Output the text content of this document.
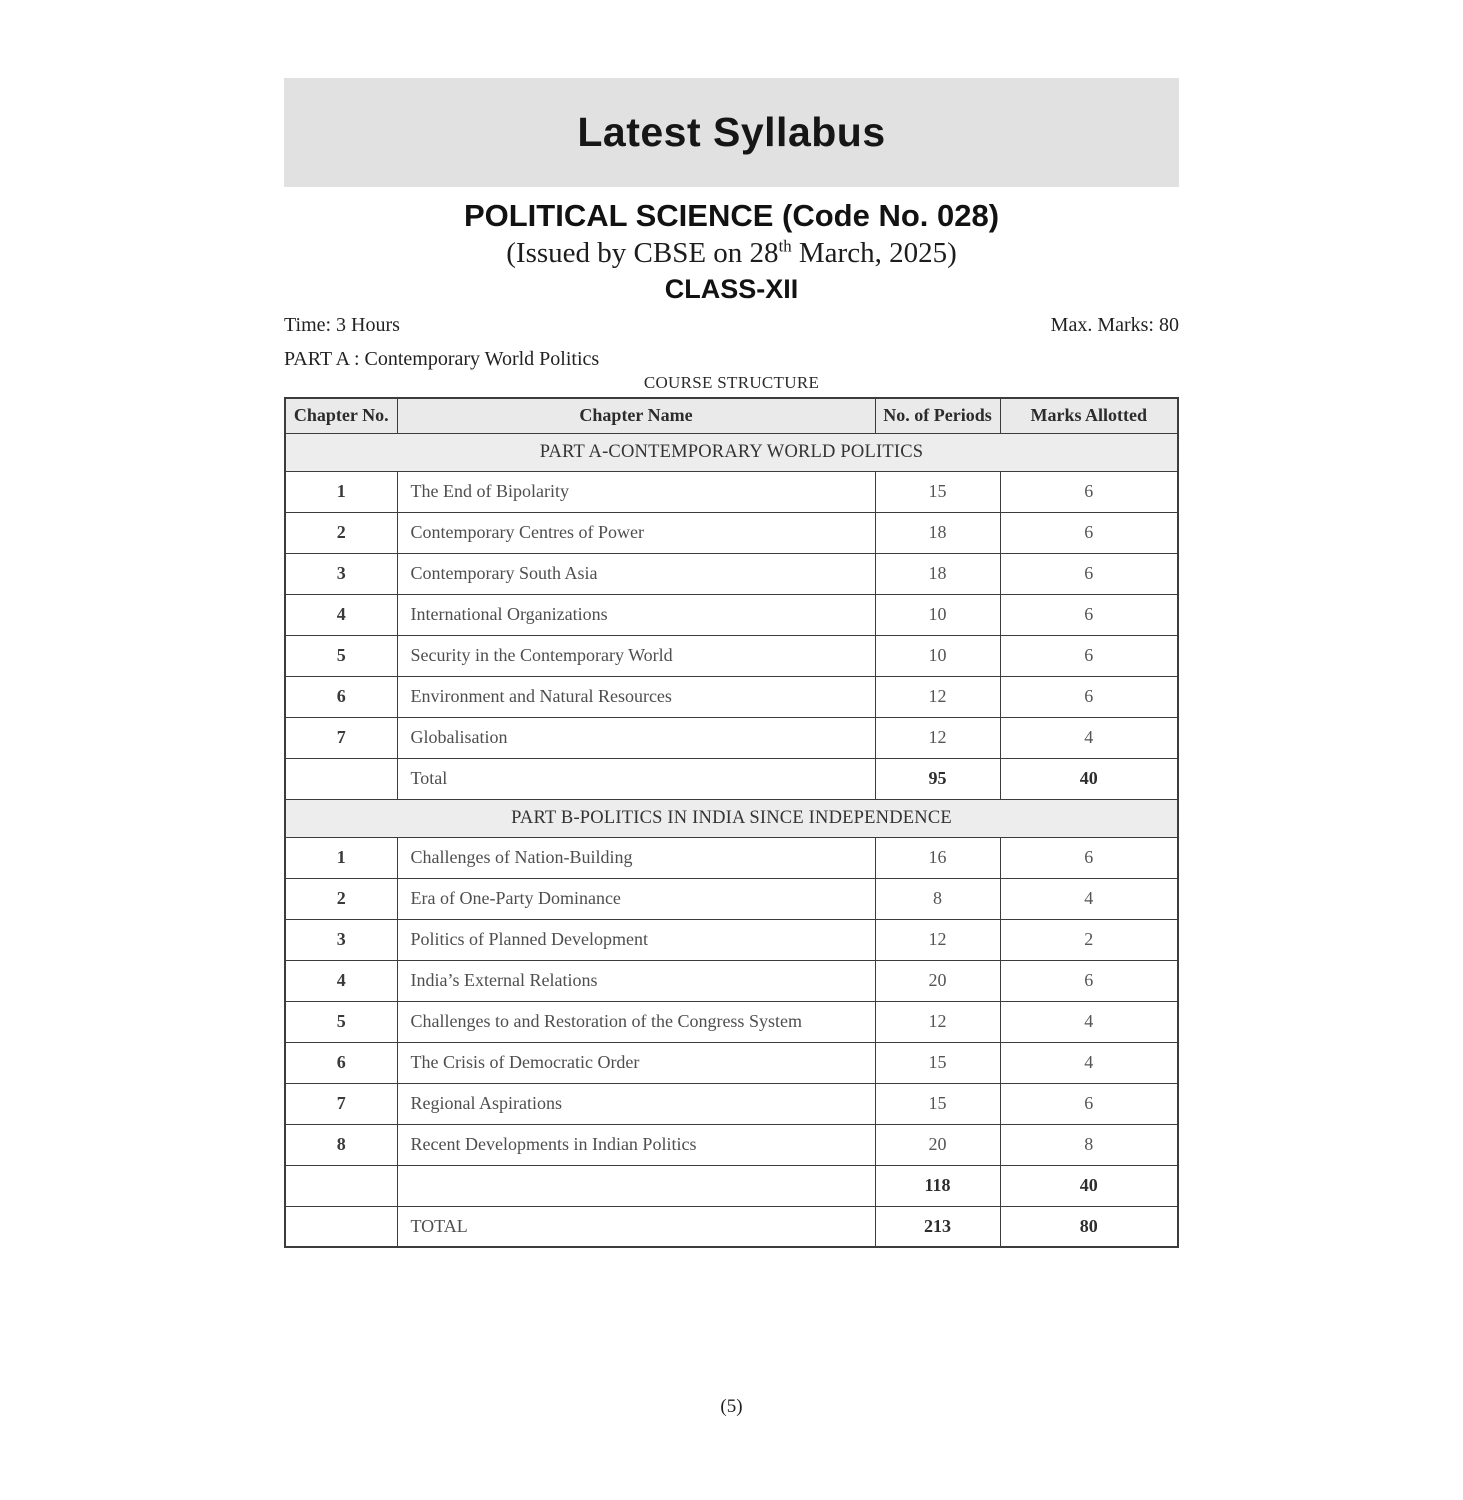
Latest Syllabus
POLITICAL SCIENCE (Code No. 028)
(Issued by CBSE on 28th March, 2025)
CLASS-XII
Time: 3 Hours	Max. Marks: 80
PART A : Contemporary World Politics
COURSE STRUCTURE
Chapter No.	Chapter Name	No. of Periods	Marks Allotted
PART A-CONTEMPORARY WORLD POLITICS			
1	The End of Bipolarity	15	6
2	Contemporary Centres of Power	18	6
3	Contemporary South Asia	18	6
4	International Organizations	10	6
5	Security in the Contemporary World	10	6
6	Environment and Natural Resources	12	6
7	Globalisation	12	4
	Total	95	40
PART B-POLITICS IN INDIA SINCE INDEPENDENCE			
1	Challenges of Nation-Building	16	6
2	Era of One-Party Dominance	8	4
3	Politics of Planned Development	12	2
4	India’s External Relations	20	6
5	Challenges to and Restoration of the Congress System	12	4
6	The Crisis of Democratic Order	15	4
7	Regional Aspirations	15	6
8	Recent Developments in Indian Politics	20	8
		118	40
	TOTAL	213	80
(5)
